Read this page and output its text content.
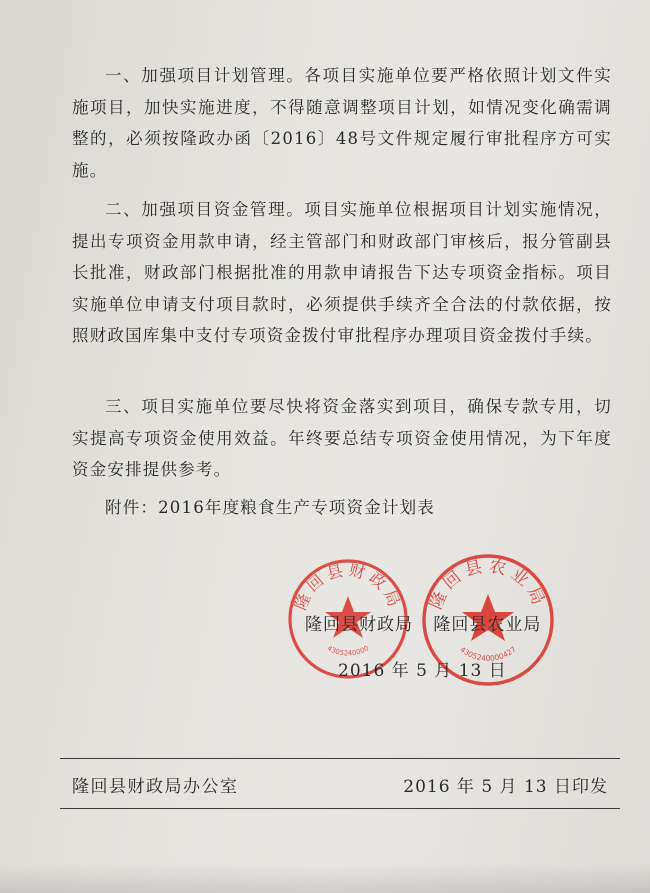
一、加强项目计划管理。各项目实施单位要严格依照计划文件实施项目，加快实施进度，不得随意调整项目计划，如情况变化确需调整的，必须按隆政办函〔2016〕48号文件规定履行审批程序方可实施。

二、加强项目资金管理。项目实施单位根据项目计划实施情况，提出专项资金用款申请，经主管部门和财政部门审核后，报分管副县长批准，财政部门根据批准的用款申请报告下达专项资金指标。项目实施单位申请支付项目款时，必须提供手续齐全合法的付款依据，按照财政国库集中支付专项资金拨付审批程序办理项目资金拨付手续。

三、项目实施单位要尽快将资金落实到项目，确保专款专用，切实提高专项资金使用效益。年终要总结专项资金使用情况，为下年度资金安排提供参考。

附件：2016年度粮食生产专项资金计划表

隆回县财政局
4305240000
隆回县农业局
4305240000427
隆回县财政局 隆回县农业局
2016 年 5 月 13 日
隆回县财政局办公室	2016 年 5 月 13 日印发
